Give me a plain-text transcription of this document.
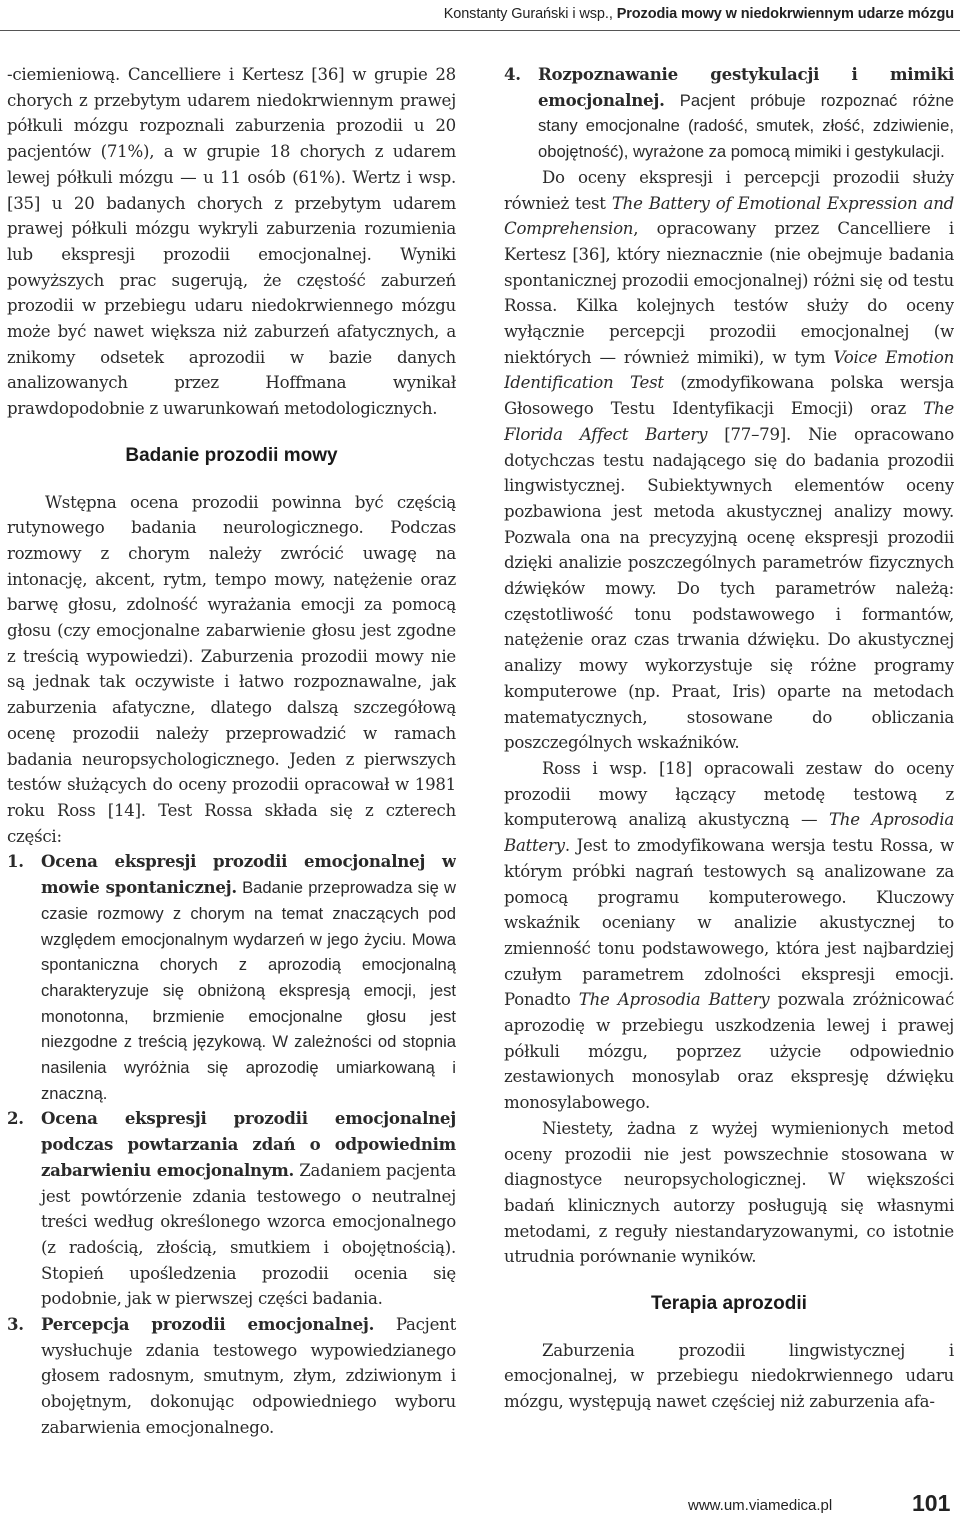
Konstanty Gurański i wsp., Prozodia mowy w niedokrwiennym udarze mózgu

-ciemieniową. Cancelliere i Kertesz [36] w grupie 28 chorych z przebytym udarem niedokrwiennym prawej półkuli mózgu rozpoznali zaburzenia prozodii u 20 pacjentów (71%), a w grupie 18 chorych z udarem lewej półkuli mózgu — u 11 osób (61%). Wertz i wsp. [35] u 20 badanych chorych z przebytym udarem prawej półkuli mózgu wykryli zaburzenia rozumienia lub ekspresji prozodii emocjonalnej. Wyniki powyższych prac sugerują, że częstość zaburzeń prozodii w przebiegu udaru niedokrwiennego mózgu może być nawet większa niż zaburzeń afatycznych, a znikomy odsetek aprozodii w bazie danych analizowanych przez Hoffmana wynikał prawdopodobnie z uwarunkowań metodologicznych.

Badanie prozodii mowy

Wstępna ocena prozodii powinna być częścią rutynowego badania neurologicznego. Podczas rozmowy z chorym należy zwrócić uwagę na intonację, akcent, rytm, tempo mowy, natężenie oraz barwę głosu, zdolność wyrażania emocji za pomocą głosu (czy emocjonalne zabarwienie głosu jest zgodne z treścią wypowiedzi). Zaburzenia prozodii mowy nie są jednak tak oczywiste i łatwo rozpoznawalne, jak zaburzenia afatyczne, dlatego dalszą szczegółową ocenę prozodii należy przeprowadzić w ramach badania neuropsychologicznego. Jeden z pierwszych testów służących do oceny prozodii opracował w 1981 roku Ross [14]. Test Rossa składa się z czterech części:

1. Ocena ekspresji prozodii emocjonalnej w mowie spontanicznej. Badanie przeprowadza się w czasie rozmowy z chorym na temat znaczących pod względem emocjonalnym wydarzeń w jego życiu. Mowa spontaniczna chorych z aprozodią emocjonalną charakteryzuje się obniżoną ekspresją emocji, jest monotonna, brzmienie emocjonalne głosu jest niezgodne z treścią językową. W zależności od stopnia nasilenia wyróżnia się aprozodię umiarkowaną i znaczną.
2. Ocena ekspresji prozodii emocjonalnej podczas powtarzania zdań o odpowiednim zabarwieniu emocjonalnym. Zadaniem pacjenta jest powtórzenie zdania testowego o neutralnej treści według określonego wzorca emocjonalnego (z radością, złością, smutkiem i obojętnością). Stopień upośledzenia prozodii ocenia się podobnie, jak w pierwszej części badania.
3. Percepcja prozodii emocjonalnej. Pacjent wysłuchuje zdania testowego wypowiedzianego głosem radosnym, smutnym, złym, zdziwionym i obojętnym, dokonując odpowiedniego wyboru zabarwienia emocjonalnego.
4. Rozpoznawanie gestykulacji i mimiki emocjonalnej. Pacjent próbuje rozpoznać różne stany emocjonalne (radość, smutek, złość, zdziwienie, obojętność), wyrażone za pomocą mimiki i gestykulacji.

Do oceny ekspresji i percepcji prozodii służy również test The Battery of Emotional Expression and Comprehension, opracowany przez Cancelliere i Kertesz [36], który nieznacznie (nie obejmuje badania spontanicznej prozodii emocjonalnej) różni się od testu Rossa. Kilka kolejnych testów służy do oceny wyłącznie percepcji prozodii emocjonalnej (w niektórych — również mimiki), w tym Voice Emotion Identification Test (zmodyfikowana polska wersja Głosowego Testu Identyfikacji Emocji) oraz The Florida Affect Bartery [77–79]. Nie opracowano dotychczas testu nadającego się do badania prozodii lingwistycznej. Subiektywnych elementów oceny pozbawiona jest metoda akustycznej analizy mowy. Pozwala ona na precyzyjną ocenę ekspresji prozodii dzięki analizie poszczególnych parametrów fizycznych dźwięków mowy. Do tych parametrów należą: częstotliwość tonu podstawowego i formantów, natężenie oraz czas trwania dźwięku. Do akustycznej analizy mowy wykorzystuje się różne programy komputerowe (np. Praat, Iris) oparte na metodach matematycznych, stosowane do obliczania poszczególnych wskaźników.

Ross i wsp. [18] opracowali zestaw do oceny prozodii mowy łączący metodę testową z komputerową analizą akustyczną — The Aprosodia Battery. Jest to zmodyfikowana wersja testu Rossa, w którym próbki nagrań testowych są analizowane za pomocą programu komputerowego. Kluczowy wskaźnik oceniany w analizie akustycznej to zmienność tonu podstawowego, która jest najbardziej czułym parametrem zdolności ekspresji emocji. Ponadto The Aprosodia Battery pozwala zróżnicować aprozodię w przebiegu uszkodzenia lewej i prawej półkuli mózgu, poprzez użycie odpowiednio zestawionych monosylab oraz ekspresję dźwięku monosylabowego.

Niestety, żadna z wyżej wymienionych metod oceny prozodii nie jest powszechnie stosowana w diagnostyce neuropsychologicznej. W większości badań klinicznych autorzy posługują się własnymi metodami, z reguły niestandaryzowanymi, co istotnie utrudnia porównanie wyników.

Terapia aprozodii

Zaburzenia prozodii lingwistycznej i emocjonalnej, w przebiegu niedokrwiennego udaru mózgu, występują nawet częściej niż zaburzenia afa-

www.um.viamedica.pl	101
